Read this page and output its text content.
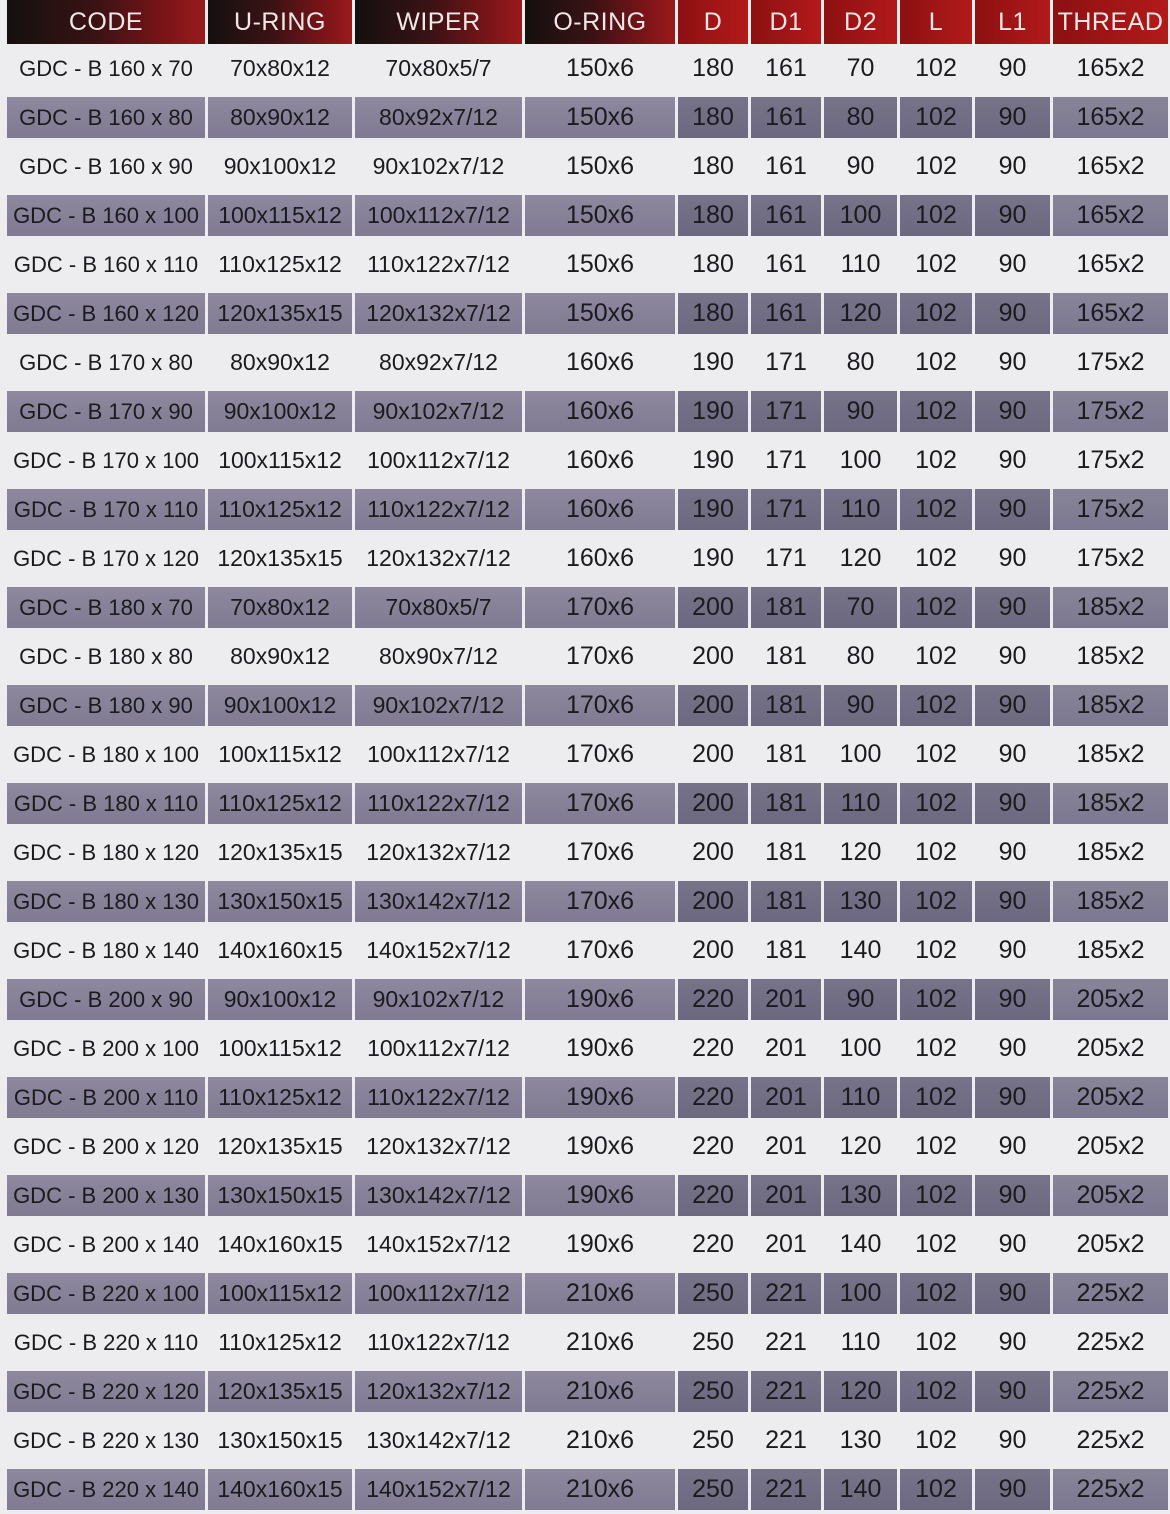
CODE	U-RING	WIPER	O-RING	D	D1	D2	L	L1	THREAD
GDC - B 160 x 70	70x80x12	70x80x5/7	150x6	180	161	70	102	90	165x2
GDC - B 160 x 80	80x90x12	80x92x7/12	150x6	180	161	80	102	90	165x2
GDC - B 160 x 90	90x100x12	90x102x7/12	150x6	180	161	90	102	90	165x2
GDC - B 160 x 100	100x115x12	100x112x7/12	150x6	180	161	100	102	90	165x2
GDC - B 160 x 110	110x125x12	110x122x7/12	150x6	180	161	110	102	90	165x2
GDC - B 160 x 120	120x135x15	120x132x7/12	150x6	180	161	120	102	90	165x2
GDC - B 170 x 80	80x90x12	80x92x7/12	160x6	190	171	80	102	90	175x2
GDC - B 170 x 90	90x100x12	90x102x7/12	160x6	190	171	90	102	90	175x2
GDC - B 170 x 100	100x115x12	100x112x7/12	160x6	190	171	100	102	90	175x2
GDC - B 170 x 110	110x125x12	110x122x7/12	160x6	190	171	110	102	90	175x2
GDC - B 170 x 120	120x135x15	120x132x7/12	160x6	190	171	120	102	90	175x2
GDC - B 180 x 70	70x80x12	70x80x5/7	170x6	200	181	70	102	90	185x2
GDC - B 180 x 80	80x90x12	80x90x7/12	170x6	200	181	80	102	90	185x2
GDC - B 180 x 90	90x100x12	90x102x7/12	170x6	200	181	90	102	90	185x2
GDC - B 180 x 100	100x115x12	100x112x7/12	170x6	200	181	100	102	90	185x2
GDC - B 180 x 110	110x125x12	110x122x7/12	170x6	200	181	110	102	90	185x2
GDC - B 180 x 120	120x135x15	120x132x7/12	170x6	200	181	120	102	90	185x2
GDC - B 180 x 130	130x150x15	130x142x7/12	170x6	200	181	130	102	90	185x2
GDC - B 180 x 140	140x160x15	140x152x7/12	170x6	200	181	140	102	90	185x2
GDC - B 200 x 90	90x100x12	90x102x7/12	190x6	220	201	90	102	90	205x2
GDC - B 200 x 100	100x115x12	100x112x7/12	190x6	220	201	100	102	90	205x2
GDC - B 200 x 110	110x125x12	110x122x7/12	190x6	220	201	110	102	90	205x2
GDC - B 200 x 120	120x135x15	120x132x7/12	190x6	220	201	120	102	90	205x2
GDC - B 200 x 130	130x150x15	130x142x7/12	190x6	220	201	130	102	90	205x2
GDC - B 200 x 140	140x160x15	140x152x7/12	190x6	220	201	140	102	90	205x2
GDC - B 220 x 100	100x115x12	100x112x7/12	210x6	250	221	100	102	90	225x2
GDC - B 220 x 110	110x125x12	110x122x7/12	210x6	250	221	110	102	90	225x2
GDC - B 220 x 120	120x135x15	120x132x7/12	210x6	250	221	120	102	90	225x2
GDC - B 220 x 130	130x150x15	130x142x7/12	210x6	250	221	130	102	90	225x2
GDC - B 220 x 140	140x160x15	140x152x7/12	210x6	250	221	140	102	90	225x2
